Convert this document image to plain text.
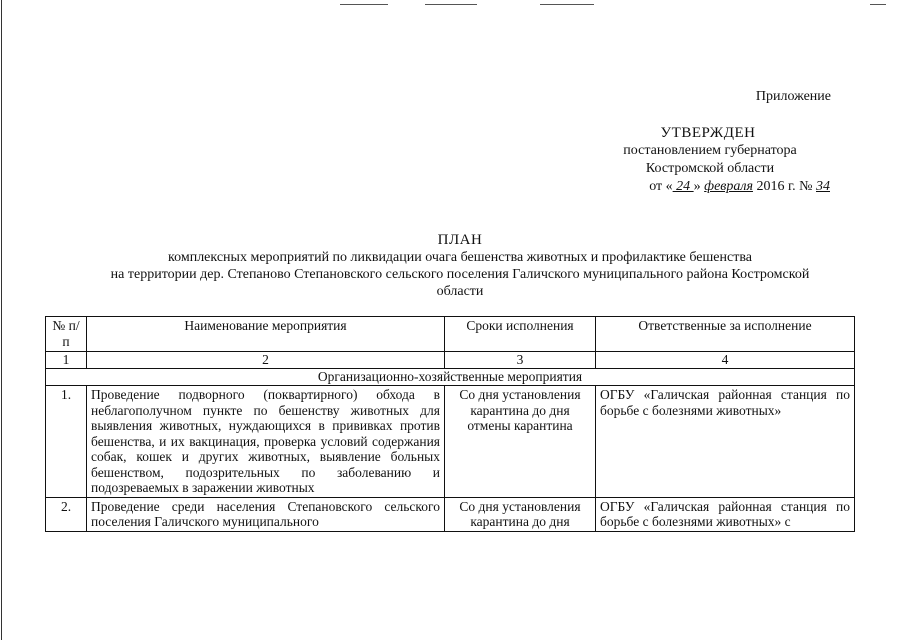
Приложение
УТВЕРЖДЕН
постановлением губернатора
Костромской области
от « 24 » февраля 2016 г. № 34
ПЛАН
комплексных мероприятий по ликвидации очага бешенства животных и профилактике бешенства
на территории дер. Степаново Степановского сельского поселения Галичского муниципального района Костромской
области
№ п/п	Наименование мероприятия	Сроки исполнения	Ответственные за исполнение
1	2	3	4
Организационно-хозяйственные мероприятия			
1.	Проведение подворного (поквартирного) обхода в неблагополучном пункте по бешенству животных для выявления животных, нуждающихся в прививках против бешенства, и их вакцинация, проверка условий содержания собак, кошек и других животных, выявление больных бешенством, подозрительных по заболеванию и подозреваемых в заражении животных	Со дня установления карантина до дня отмены карантина	ОГБУ «Галичская районная станция по борьбе с болезнями животных»
2.	Проведение среди населения Степановского сельского поселения Галичского муниципального	Со дня установления карантина до дня	ОГБУ «Галичская районная станция по борьбе с болезнями животных» с
